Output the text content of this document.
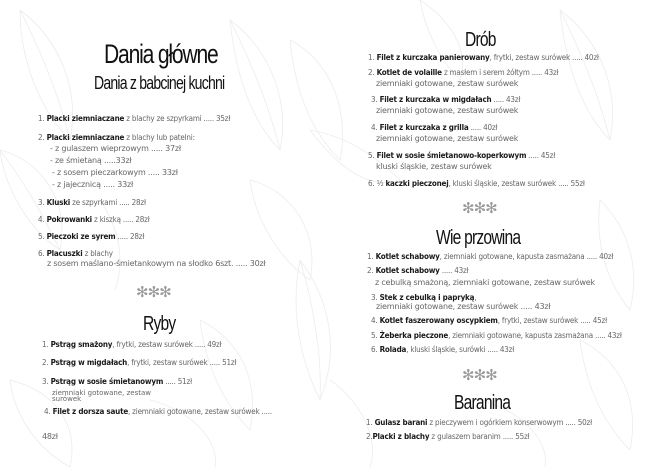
Dania główne
Dania z babcinej kuchni
1. Placki ziemniaczane z blachy ze szpyrkami ..... 35zł
2. Placki ziemniaczane z blachy lub patelni:
- z gulaszem wieprzowym ..... 37zł
- ze śmietaną .....33zł
- z sosem pieczarkowym ..... 33zł
- z jajecznicą ..... 33zł
3. Kluski ze szpyrkami ..... 28zł
4. Pokrowanki z kiszką ..... 28zł
5. Pieczoki ze syrem ..... 28zł
6. Placuszki z blachy
z sosem maślano-śmietankowym na słodko 6szt. ..... 30zł
✻✻✻
Ryby
1. Pstrąg smażony, frytki, zestaw surówek ..... 49zł
2. Pstrąg w migdałach, frytki, zestaw surówek ..... 51zł
3. Pstrąg w sosie śmietanowym ..... 51zł
ziemniaki gotowane, zestaw
surówek
4. Filet z dorsza saute, ziemniaki gotowane, zestaw surówek .....
48zł
Drób
1. Filet z kurczaka panierowany, frytki, zestaw surówek ..... 40zł
2. Kotlet de volaille z masłem i serem żółtym ..... 43zł
ziemniaki gotowane, zestaw surówek
3. Filet z kurczaka w migdałach ..... 43zł
ziemniaki gotowane, zestaw surówek
4. Filet z kurczaka z grilla ..... 40zł
ziemniaki gotowane, zestaw surówek
5. Filet w sosie śmietanowo-koperkowym ..... 45zł
kluski śląskie, zestaw surówek
6. ½ kaczki pieczonej, kluski śląskie, zestaw surówek ..... 55zł
✻✻✻
Wie przowina
1. Kotlet schabowy, ziemniaki gotowane, kapusta zasmażana ..... 40zł
2. Kotlet schabowy ..... 43zł
z cebulką smażoną, ziemniaki gotowane, zestaw surówek
3. Stek z cebulką i papryką,
ziemniaki gotowane, zestaw surówek ..... 43zł
4. Kotlet faszerowany oscypkiem, frytki, zestaw surówek ..... 45zł
5. Żeberka pieczone, ziemniaki gotowane, kapusta zasmażana ..... 43zł
6. Rolada, kluski śląskie, surówki ..... 43zł
✻✻✻
Baranina
1. Gulasz barani z pieczywem i ogórkiem konserwowym ..... 50zł
2.Placki z blachy z gulaszem baranim ..... 55zł
